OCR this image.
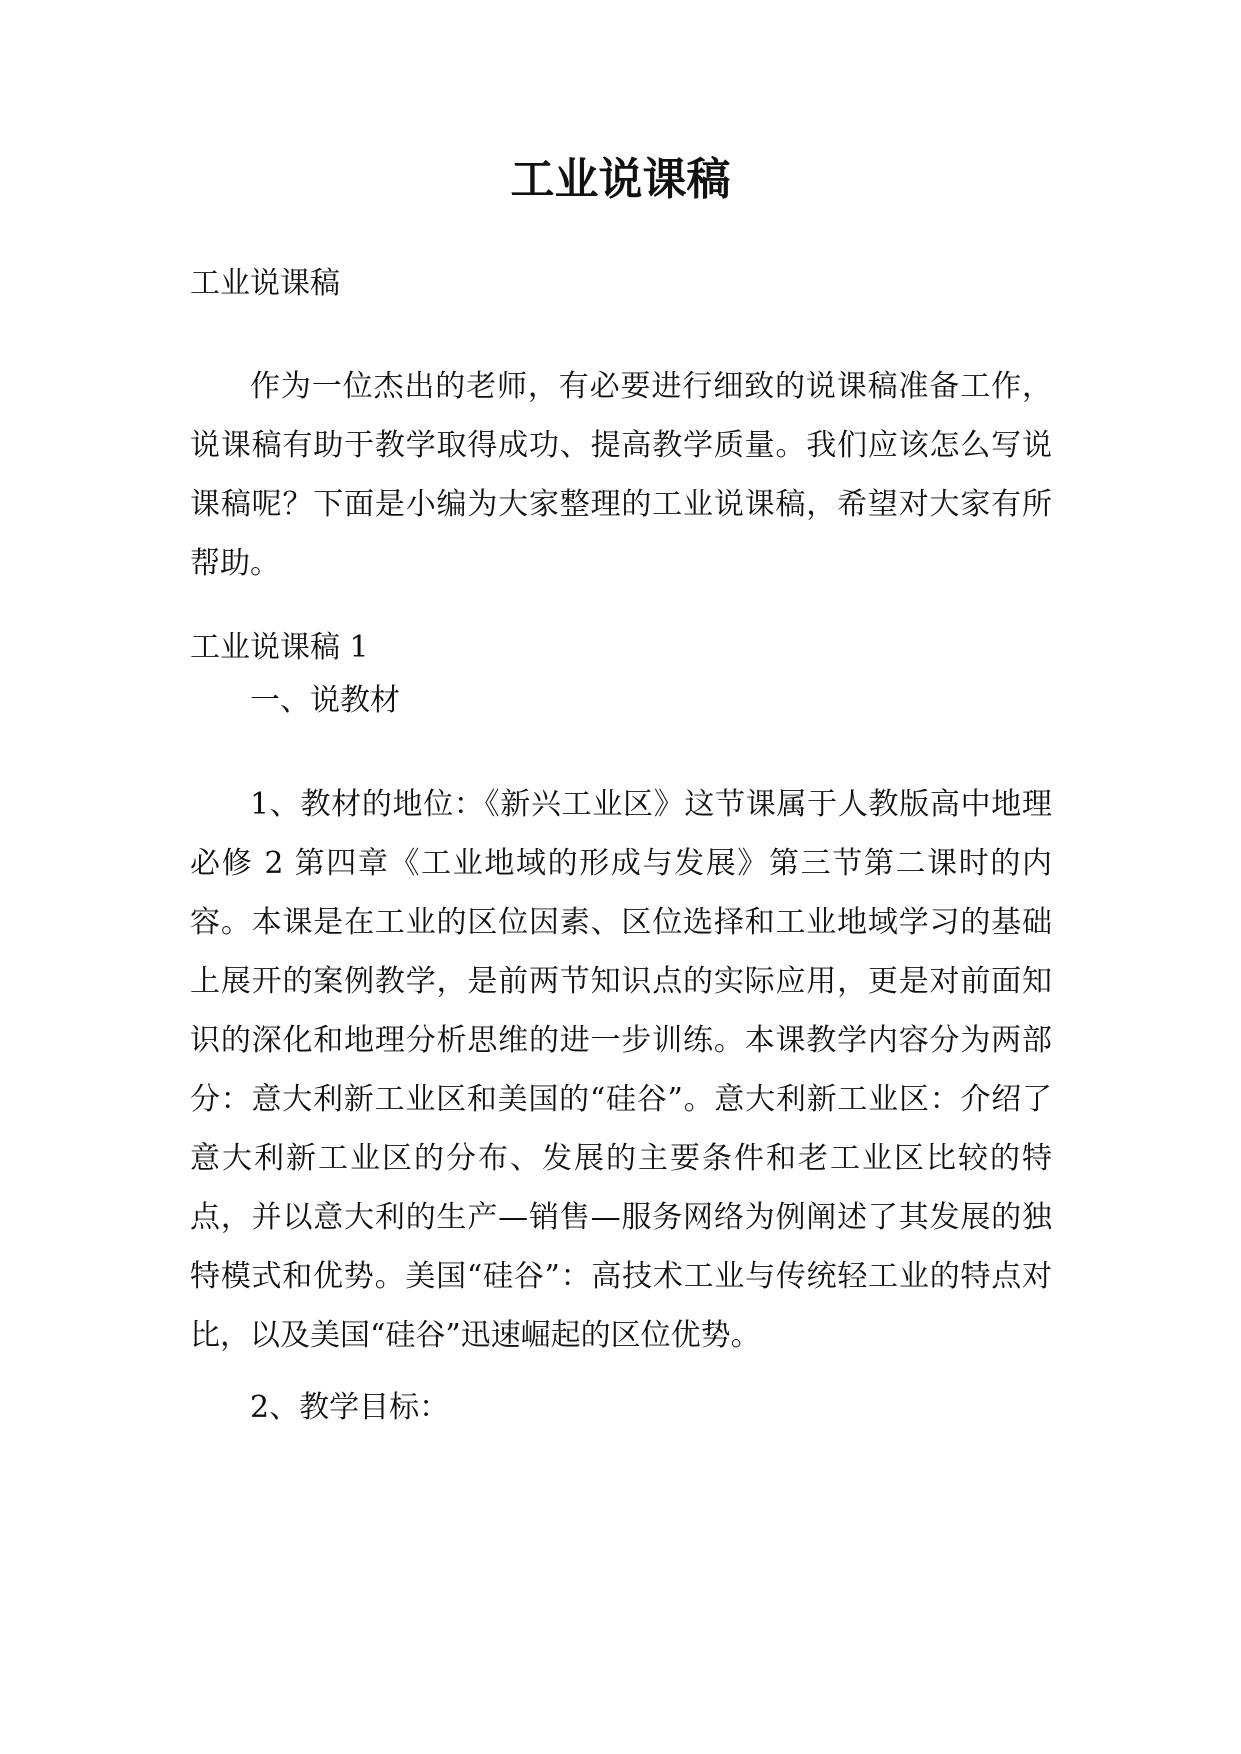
工业说课稿

工业说课稿

作为一位杰出的老师，有必要进行细致的说课稿准备工作，说课稿有助于教学取得成功、提高教学质量。我们应该怎么写说课稿呢？下面是小编为大家整理的工业说课稿，希望对大家有所帮助。

工业说课稿 1

一、说教材

1、教材的地位：《新兴工业区》这节课属于人教版高中地理必修 2 第四章《工业地域的形成与发展》第三节第二课时的内容。本课是在工业的区位因素、区位选择和工业地域学习的基础上展开的案例教学，是前两节知识点的实际应用，更是对前面知识的深化和地理分析思维的进一步训练。本课教学内容分为两部分：意大利新工业区和美国的“硅谷”。意大利新工业区：介绍了意大利新工业区的分布、发展的主要条件和老工业区比较的特点，并以意大利的生产—销售—服务网络为例阐述了其发展的独特模式和优势。美国“硅谷”：高技术工业与传统轻工业的特点对比，以及美国“硅谷”迅速崛起的区位优势。

2、教学目标：
